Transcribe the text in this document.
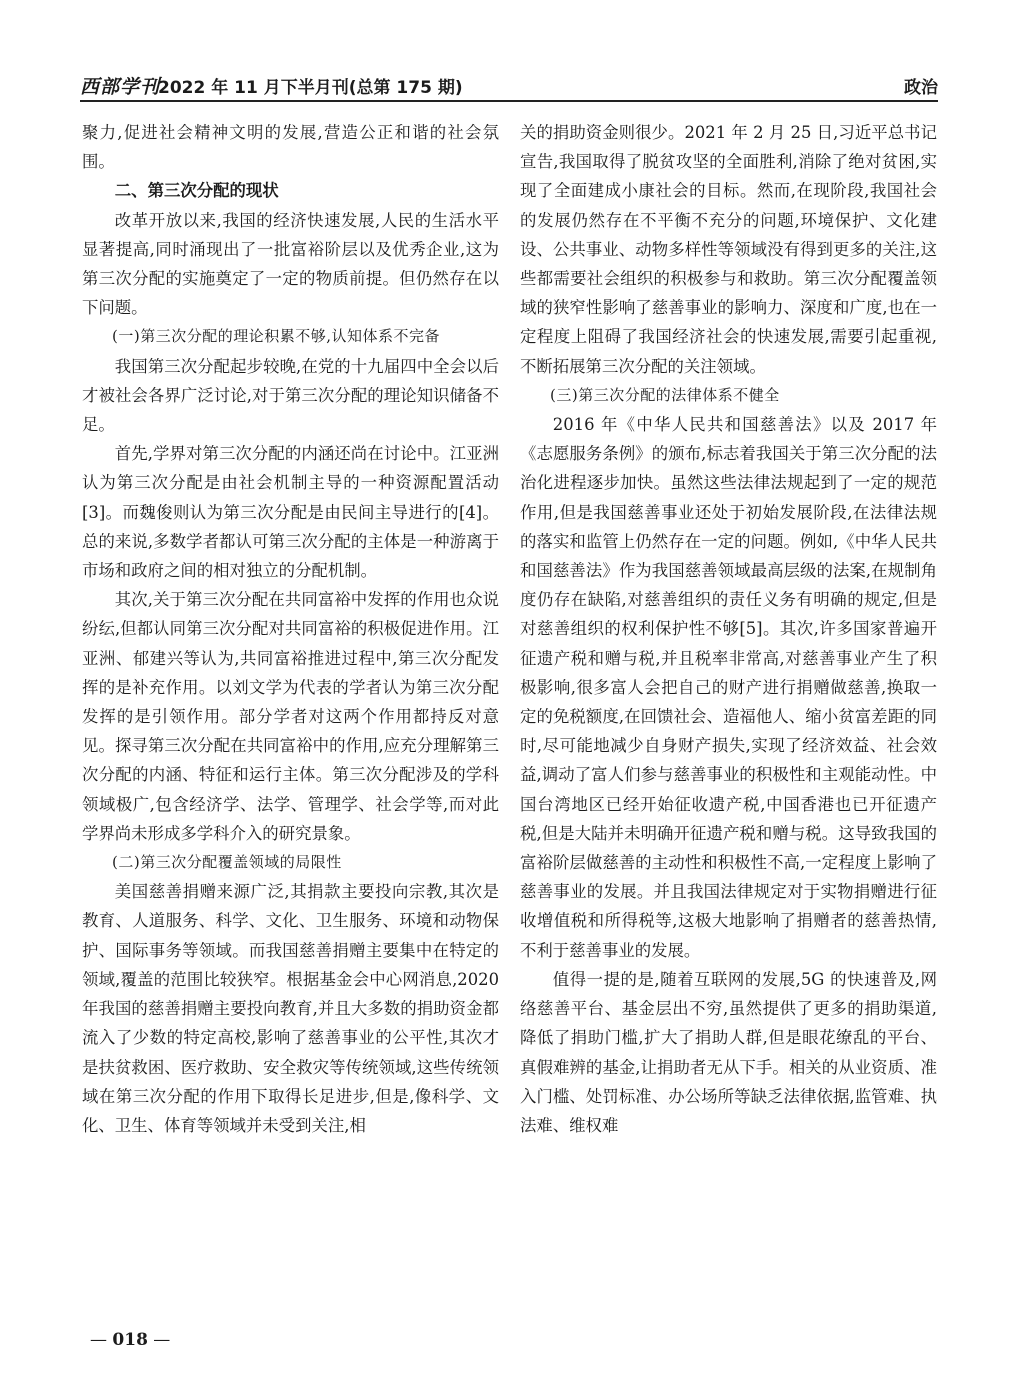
西部学刊
2022 年 11 月下半月刊(总第 175 期)	政治

聚力,促进社会精神文明的发展,营造公正和谐的社会氛围。

二、第三次分配的现状

改革开放以来,我国的经济快速发展,人民的生活水平显著提高,同时涌现出了一批富裕阶层以及优秀企业,这为第三次分配的实施奠定了一定的物质前提。但仍然存在以下问题。

(一)第三次分配的理论积累不够,认知体系不完备

我国第三次分配起步较晚,在党的十九届四中全会以后才被社会各界广泛讨论,对于第三次分配的理论知识储备不足。

首先,学界对第三次分配的内涵还尚在讨论中。江亚洲认为第三次分配是由社会机制主导的一种资源配置活动[3]。而魏俊则认为第三次分配是由民间主导进行的[4]。总的来说,多数学者都认可第三次分配的主体是一种游离于市场和政府之间的相对独立的分配机制。

其次,关于第三次分配在共同富裕中发挥的作用也众说纷纭,但都认同第三次分配对共同富裕的积极促进作用。江亚洲、郁建兴等认为,共同富裕推进过程中,第三次分配发挥的是补充作用。以刘文学为代表的学者认为第三次分配发挥的是引领作用。部分学者对这两个作用都持反对意见。探寻第三次分配在共同富裕中的作用,应充分理解第三次分配的内涵、特征和运行主体。第三次分配涉及的学科领域极广,包含经济学、法学、管理学、社会学等,而对此学界尚未形成多学科介入的研究景象。

(二)第三次分配覆盖领域的局限性

美国慈善捐赠来源广泛,其捐款主要投向宗教,其次是教育、人道服务、科学、文化、卫生服务、环境和动物保护、国际事务等领域。而我国慈善捐赠主要集中在特定的领域,覆盖的范围比较狭窄。根据基金会中心网消息,2020 年我国的慈善捐赠主要投向教育,并且大多数的捐助资金都流入了少数的特定高校,影响了慈善事业的公平性,其次才是扶贫救困、医疗救助、安全救灾等传统领域,这些传统领域在第三次分配的作用下取得长足进步,但是,像科学、文化、卫生、体育等领域并未受到关注,相

关的捐助资金则很少。2021 年 2 月 25 日,习近平总书记宣告,我国取得了脱贫攻坚的全面胜利,消除了绝对贫困,实现了全面建成小康社会的目标。然而,在现阶段,我国社会的发展仍然存在不平衡不充分的问题,环境保护、文化建设、公共事业、动物多样性等领域没有得到更多的关注,这些都需要社会组织的积极参与和救助。第三次分配覆盖领域的狭窄性影响了慈善事业的影响力、深度和广度,也在一定程度上阻碍了我国经济社会的快速发展,需要引起重视,不断拓展第三次分配的关注领域。

(三)第三次分配的法律体系不健全

2016 年《中华人民共和国慈善法》以及 2017 年《志愿服务条例》的颁布,标志着我国关于第三次分配的法治化进程逐步加快。虽然这些法律法规起到了一定的规范作用,但是我国慈善事业还处于初始发展阶段,在法律法规的落实和监管上仍然存在一定的问题。例如,《中华人民共和国慈善法》作为我国慈善领域最高层级的法案,在规制角度仍存在缺陷,对慈善组织的责任义务有明确的规定,但是对慈善组织的权利保护性不够[5]。其次,许多国家普遍开征遗产税和赠与税,并且税率非常高,对慈善事业产生了积极影响,很多富人会把自己的财产进行捐赠做慈善,换取一定的免税额度,在回馈社会、造福他人、缩小贫富差距的同时,尽可能地减少自身财产损失,实现了经济效益、社会效益,调动了富人们参与慈善事业的积极性和主观能动性。中国台湾地区已经开始征收遗产税,中国香港也已开征遗产税,但是大陆并未明确开征遗产税和赠与税。这导致我国的富裕阶层做慈善的主动性和积极性不高,一定程度上影响了慈善事业的发展。并且我国法律规定对于实物捐赠进行征收增值税和所得税等,这极大地影响了捐赠者的慈善热情,不利于慈善事业的发展。

值得一提的是,随着互联网的发展,5G 的快速普及,网络慈善平台、基金层出不穷,虽然提供了更多的捐助渠道,降低了捐助门槛,扩大了捐助人群,但是眼花缭乱的平台、真假难辨的基金,让捐助者无从下手。相关的从业资质、准入门槛、处罚标准、办公场所等缺乏法律依据,监管难、执法难、维权难

— 018 —
